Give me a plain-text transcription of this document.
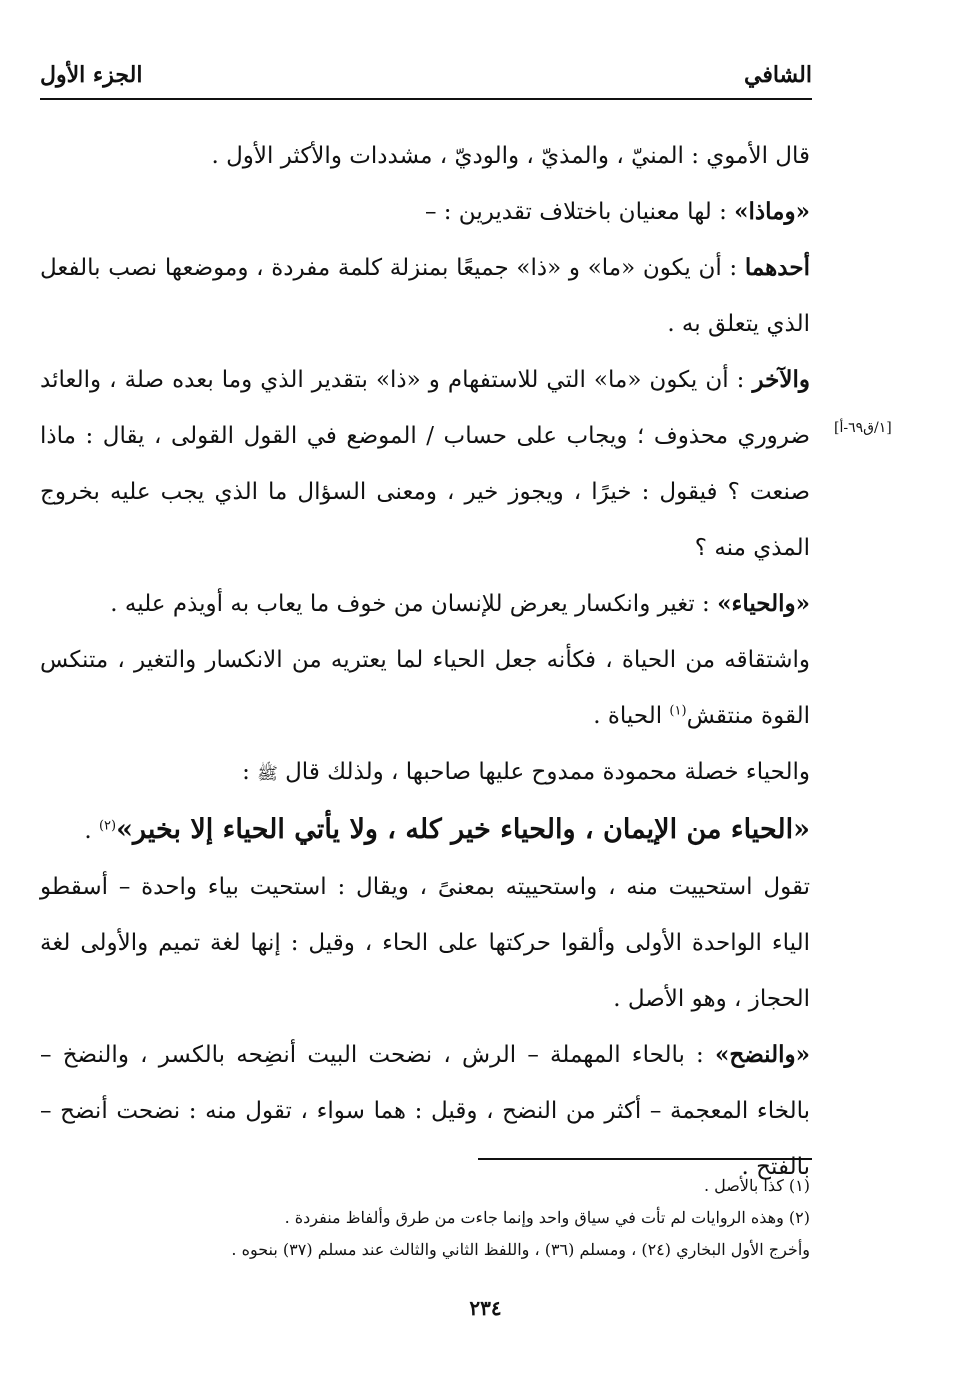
الشافي
الجزء الأول
[١/ق٦٩-أ]

قال الأموي : المنيّ ، والمذيّ ، والوديّ ، مشددات والأكثر الأول .

«وماذا» : لها معنيان باختلاف تقديرين : –

أحدهما : أن يكون «ما» و «ذا» جميعًا بمنزلة كلمة مفردة ، وموضعها نصب بالفعل الذي يتعلق به .

والآخر : أن يكون «ما» التي للاستفهام و «ذا» بتقدير الذي وما بعده صلة ، والعائد ضروري محذوف ؛ ويجاب على حساب / الموضع في القول القولى ، يقال : ماذا صنعت ؟ فيقول : خيرًا ، ويجوز خير ، ومعنى السؤال ما الذي يجب عليه بخروج المذي منه ؟

«والحياء» : تغير وانكسار يعرض للإنسان من خوف ما يعاب به أويذم عليه .

واشتقاقه من الحياة ، فكأنه جعل الحياء لما يعتريه من الانكسار والتغير ، متنكس القوة منتقش$^{(١)}$ الحياة .

والحياء خصلة محمودة ممدوح عليها صاحبها ، ولذلك قال ﷺ :

«الحياء من الإيمان ، والحياء خير كله ، ولا يأتي الحياء إلا بخير»$^{(٢)}$ .

تقول استحييت منه ، واستحييته بمعنىً ، ويقال : استحيت بياء واحدة – أسقطو الياء الواحدة الأولى وألقوا حركتها على الحاء ، وقيل : إنها لغة تميم والأولى لغة الحجاز ، وهو الأصل .

«والنضح» : بالحاء المهملة – الرش ، نضحت البيت أنضِحه بالكسر ، والنضخ – بالخاء المعجمة – أكثر من النضح ، وقيل : هما سواء ، تقول منه : نضحت أنضح – بالفتح .

(١) كذا بالأصل .

(٢) وهذه الروايات لم تأت في سياق واحد وإنما جاءت من طرق وألفاظ منفردة .

وأخرج الأول البخاري (٢٤) ، ومسلم (٣٦) ، واللفظ الثاني والثالث عند مسلم (٣٧) بنحوه .

٢٣٤
